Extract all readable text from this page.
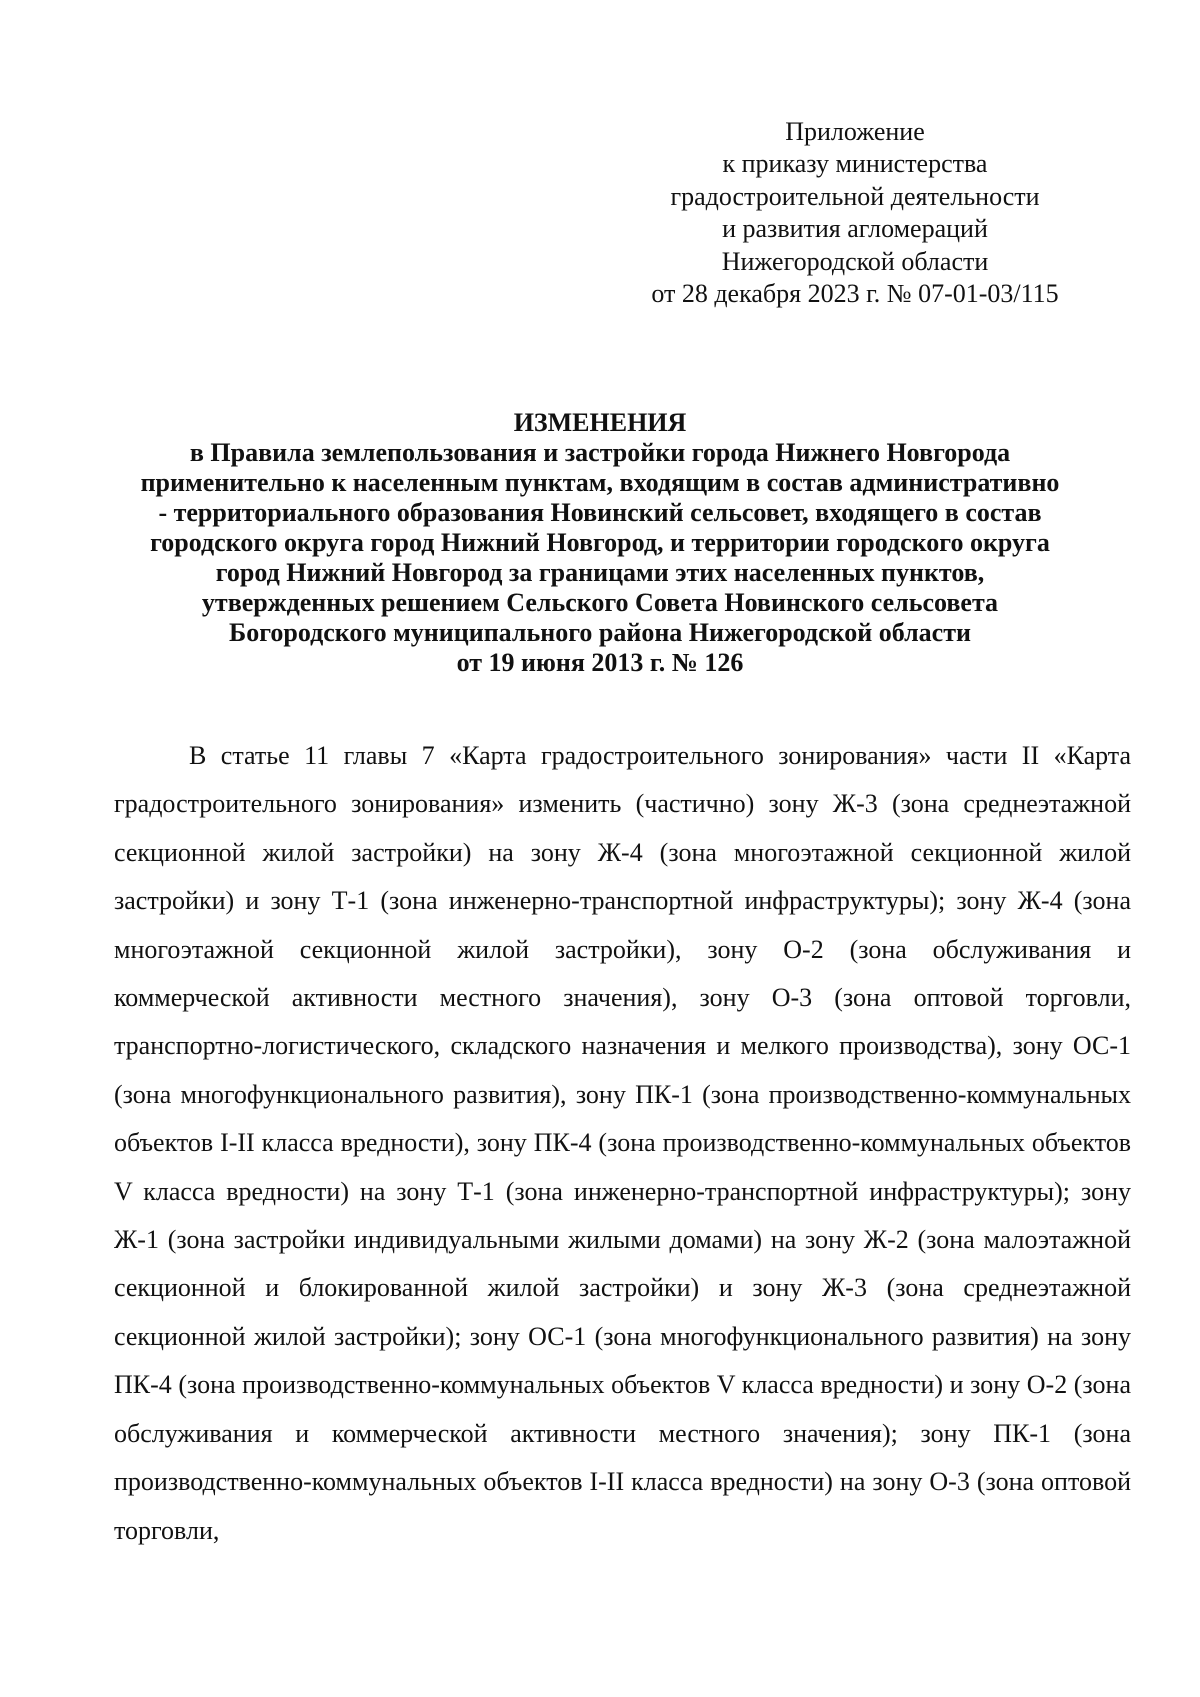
Приложение
к приказу министерства
градостроительной деятельности
и развития агломераций
Нижегородской области
от 28 декабря 2023 г. № 07-01-03/115
ИЗМЕНЕНИЯ
в Правила землепользования и застройки города Нижнего Новгорода
применительно к населенным пунктам, входящим в состав административно
- территориального образования Новинский сельсовет, входящего в состав
городского округа город Нижний Новгород, и территории городского округа
город Нижний Новгород за границами этих населенных пунктов,
утвержденных решением Сельского Совета Новинского сельсовета
Богородского муниципального района Нижегородской области
от 19 июня 2013 г. № 126

В статье 11 главы 7 «Карта градостроительного зонирования» части II «Карта градостроительного зонирования» изменить (частично) зону Ж-3 (зона среднеэтажной секционной жилой застройки) на зону Ж-4 (зона многоэтажной секционной жилой застройки) и зону Т-1 (зона инженерно-транспортной инфраструктуры); зону Ж-4 (зона многоэтажной секционной жилой застройки), зону О-2 (зона обслуживания и коммерческой активности местного значения), зону О-3 (зона оптовой торговли, транспортно-логистического, складского назначения и мелкого производства), зону ОС-1 (зона многофункционального развития), зону ПК-1 (зона производственно-коммунальных объектов I-II класса вредности), зону ПК-4 (зона производственно-коммунальных объектов V класса вредности) на зону Т-1 (зона инженерно-транспортной инфраструктуры); зону Ж-1 (зона застройки индивидуальными жилыми домами) на зону Ж-2 (зона малоэтажной секционной и блокированной жилой застройки) и зону Ж-3 (зона среднеэтажной секционной жилой застройки); зону ОС-1 (зона многофункционального развития) на зону ПК-4 (зона производственно-коммунальных объектов V класса вредности) и зону О-2 (зона обслуживания и коммерческой активности местного значения); зону ПК-1 (зона производственно-коммунальных объектов I-II класса вредности) на зону О-3 (зона оптовой торговли,
